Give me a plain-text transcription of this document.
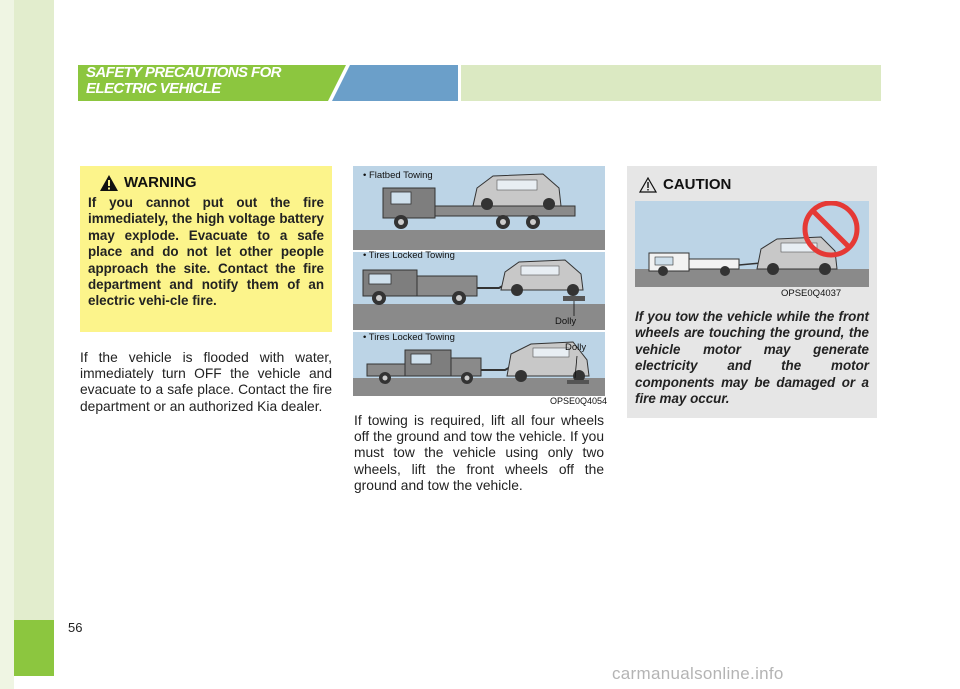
56
SAFETY PRECAUTIONS FOR
ELECTRIC VEHICLE
WARNING
If you cannot put out the fire immediately, the high voltage battery may explode. Evacuate to a safe place and do not let other people approach the site. Contact the fire department and notify them of an electric vehi-cle fire.
If the vehicle is flooded with water, immediately turn OFF the vehicle and evacuate to a safe place. Contact the fire department or an authorized Kia dealer.
• Flatbed Towing
• Tires Locked Towing
Dolly
• Tires Locked Towing
Dolly
OPSE0Q4054
If towing is required, lift all four wheels off the ground and tow the vehicle. If you must tow the vehicle using only two wheels, lift the front wheels off the ground and tow the vehicle.
CAUTION
OPSE0Q4037
If you tow the vehicle while the front wheels are touching the ground, the vehicle motor may generate electricity and the motor components may be damaged or a fire may occur.
carmanualsonline.info
